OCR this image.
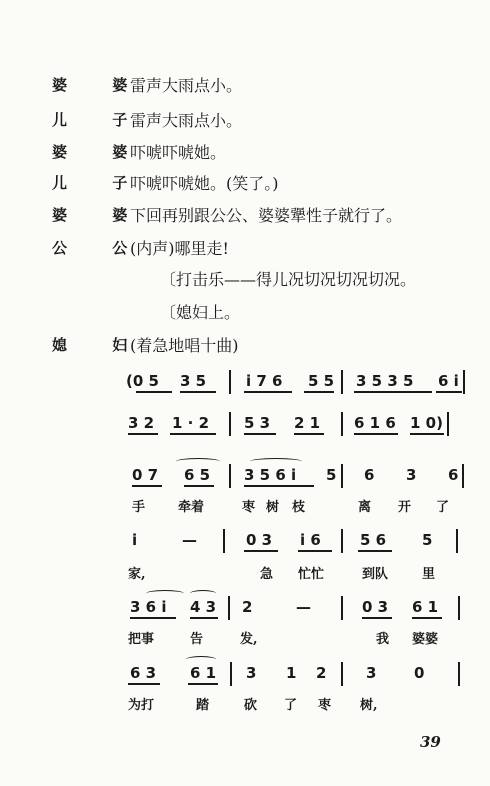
婆 婆
雷声大雨点小。
儿 子
雷声大雨点小。
婆 婆
吓唬吓唬她。
儿 子
吓唬吓唬她。(笑了。)
婆 婆
下回再别跟公公、婆婆犟性子就行了。
公 公
(内声)哪里走!
〔打击乐——得儿况切况切况切况。
〔媳妇上。
媳 妇
(着急地唱十曲)
(0 5 3 5	i 7 6 5 5 3 5 3 5 6 i
3 2 1 · 2 5 3 2 1 6 1 6 1 0)
0 7 6 5 3 5 6 i 5 6 3 6
手	牵着	枣 树 枝	离 开 了
i	—	0 3 i 6	5 6 5
家,	急 忙忙	到队	里
3 6 i 4 3 2	—	0 3 6 1
把事	告	发,	我 婆婆
6 3 6 1 3 1 2	3	0
为打	踏	砍 了 枣 树,
39
